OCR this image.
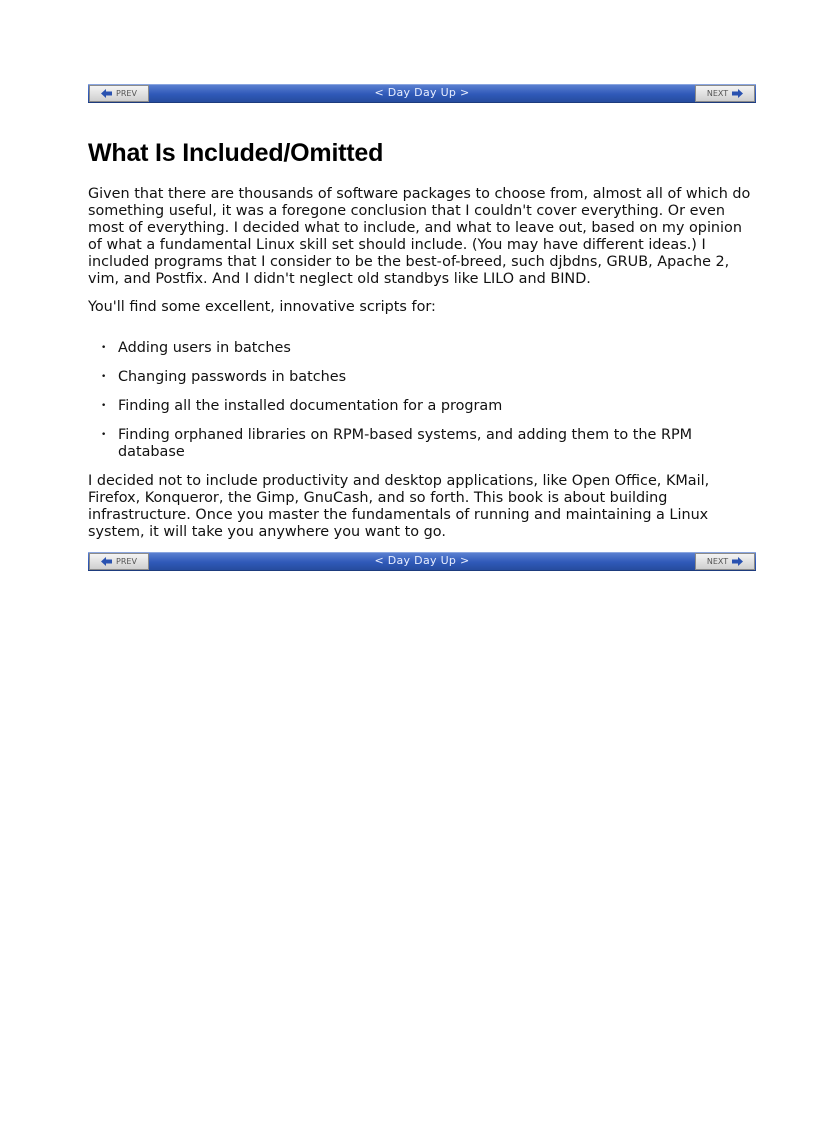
PREV	< Day Day Up >	NEXT
What Is Included/Omitted

Given that there are thousands of software packages to choose from, almost all of which do something useful, it was a foregone conclusion that I couldn't cover everything. Or even most of everything. I decided what to include, and what to leave out, based on my opinion of what a fundamental Linux skill set should include. (You may have different ideas.) I included programs that I consider to be the best-of-breed, such djbdns, GRUB, Apache 2, vim, and Postfix. And I didn't neglect old standbys like LILO and BIND.

You'll find some excellent, innovative scripts for:

• Adding users in batches
• Changing passwords in batches
• Finding all the installed documentation for a program
• Finding orphaned libraries on RPM-based systems, and adding them to the RPM database

I decided not to include productivity and desktop applications, like Open Office, KMail, Firefox, Konqueror, the Gimp, GnuCash, and so forth. This book is about building infrastructure. Once you master the fundamentals of running and maintaining a Linux system, it will take you anywhere you want to go.

PREV	< Day Day Up >	NEXT
